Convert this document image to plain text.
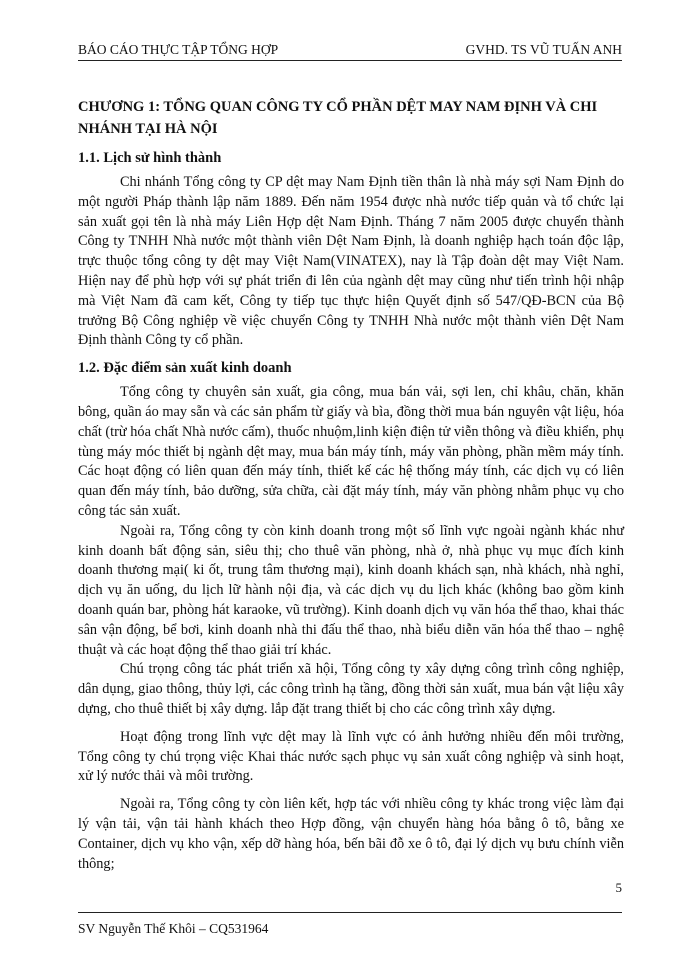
BÁO CÁO THỰC TẬP TỔNG HỢP	GVHD. TS VŨ TUẤN ANH
CHƯƠNG 1: TỔNG QUAN CÔNG TY CỔ PHẦN DỆT MAY NAM ĐỊNH VÀ CHI NHÁNH TẠI HÀ NỘI
1.1. Lịch sử hình thành

Chi nhánh Tổng công ty CP dệt may Nam Định tiền thân là nhà máy sợi Nam Định do một người Pháp thành lập năm 1889. Đến năm 1954 được nhà nước tiếp quản và tổ chức lại sản xuất gọi tên là nhà máy Liên Hợp dệt Nam Định. Tháng 7 năm 2005 được chuyển thành Công ty TNHH Nhà nước một thành viên Dệt Nam Định, là doanh nghiệp hạch toán độc lập, trực thuộc tổng công ty dệt may Việt Nam(VINATEX), nay là Tập đoàn dệt may Việt Nam. Hiện nay để phù hợp với sự phát triển đi lên của ngành dệt may cũng như tiến trình hội nhập mà Việt Nam đã cam kết, Công ty tiếp tục thực hiện Quyết định số 547/QĐ-BCN của Bộ trưởng Bộ Công nghiệp về việc chuyển Công ty TNHH Nhà nước một thành viên Dệt Nam Định thành Công ty cổ phần.

1.2. Đặc điểm sản xuất kinh doanh

Tổng công ty chuyên sản xuất, gia công, mua bán vải, sợi len, chỉ khâu, chăn, khăn bông, quần áo may sẵn và các sản phẩm từ giấy và bìa, đồng thời mua bán nguyên vật liệu, hóa chất (trừ hóa chất Nhà nước cấm), thuốc nhuộm,linh kiện điện tử viễn thông và điều khiển, phụ tùng máy móc thiết bị ngành dệt may, mua bán máy tính, máy văn phòng, phần mềm máy tính. Các hoạt động có liên quan đến máy tính, thiết kế các hệ thống máy tính, các dịch vụ có liên quan đến máy tính, bảo dưỡng, sửa chữa, cài đặt máy tính, máy văn phòng nhằm phục vụ cho công tác sản xuất.

Ngoài ra, Tổng công ty còn kinh doanh trong một số lĩnh vực ngoài ngành khác như kinh doanh bất động sản, siêu thị; cho thuê văn phòng, nhà ở, nhà phục vụ mục đích kinh doanh thương mại( ki ốt, trung tâm thương mại), kinh doanh khách sạn, nhà khách, nhà nghỉ, dịch vụ ăn uống, du lịch lữ hành nội địa, và các dịch vụ du lịch khác (không bao gồm kinh doanh quán bar, phòng hát karaoke, vũ trường). Kinh doanh dịch vụ văn hóa thể thao, khai thác sân vận động, bể bơi, kinh doanh nhà thi đấu thể thao, nhà biểu diễn văn hóa thể thao – nghệ thuật và các hoạt động thể thao giải trí khác.

Chú trọng công tác phát triển xã hội, Tổng công ty xây dựng công trình công nghiệp, dân dụng, giao thông, thủy lợi, các công trình hạ tầng, đồng thời sản xuất, mua bán vật liệu xây dựng, cho thuê thiết bị xây dựng. lắp đặt trang thiết bị cho các công trình xây dựng.

Hoạt động trong lĩnh vực dệt may là lĩnh vực có ảnh hưởng nhiều đến môi trường, Tổng công ty chú trọng việc Khai thác nước sạch phục vụ sản xuất công nghiệp và sinh hoạt, xử lý nước thải và môi trường.

Ngoài ra, Tổng công ty còn liên kết, hợp tác với nhiều công ty khác trong việc làm đại lý vận tải, vận tải hành khách theo Hợp đồng, vận chuyển hàng hóa bằng ô tô, bằng xe Container, dịch vụ kho vận, xếp dỡ hàng hóa, bến bãi đỗ xe ô tô, đại lý dịch vụ bưu chính viễn thông;

5
SV Nguyễn Thế Khôi – CQ531964
